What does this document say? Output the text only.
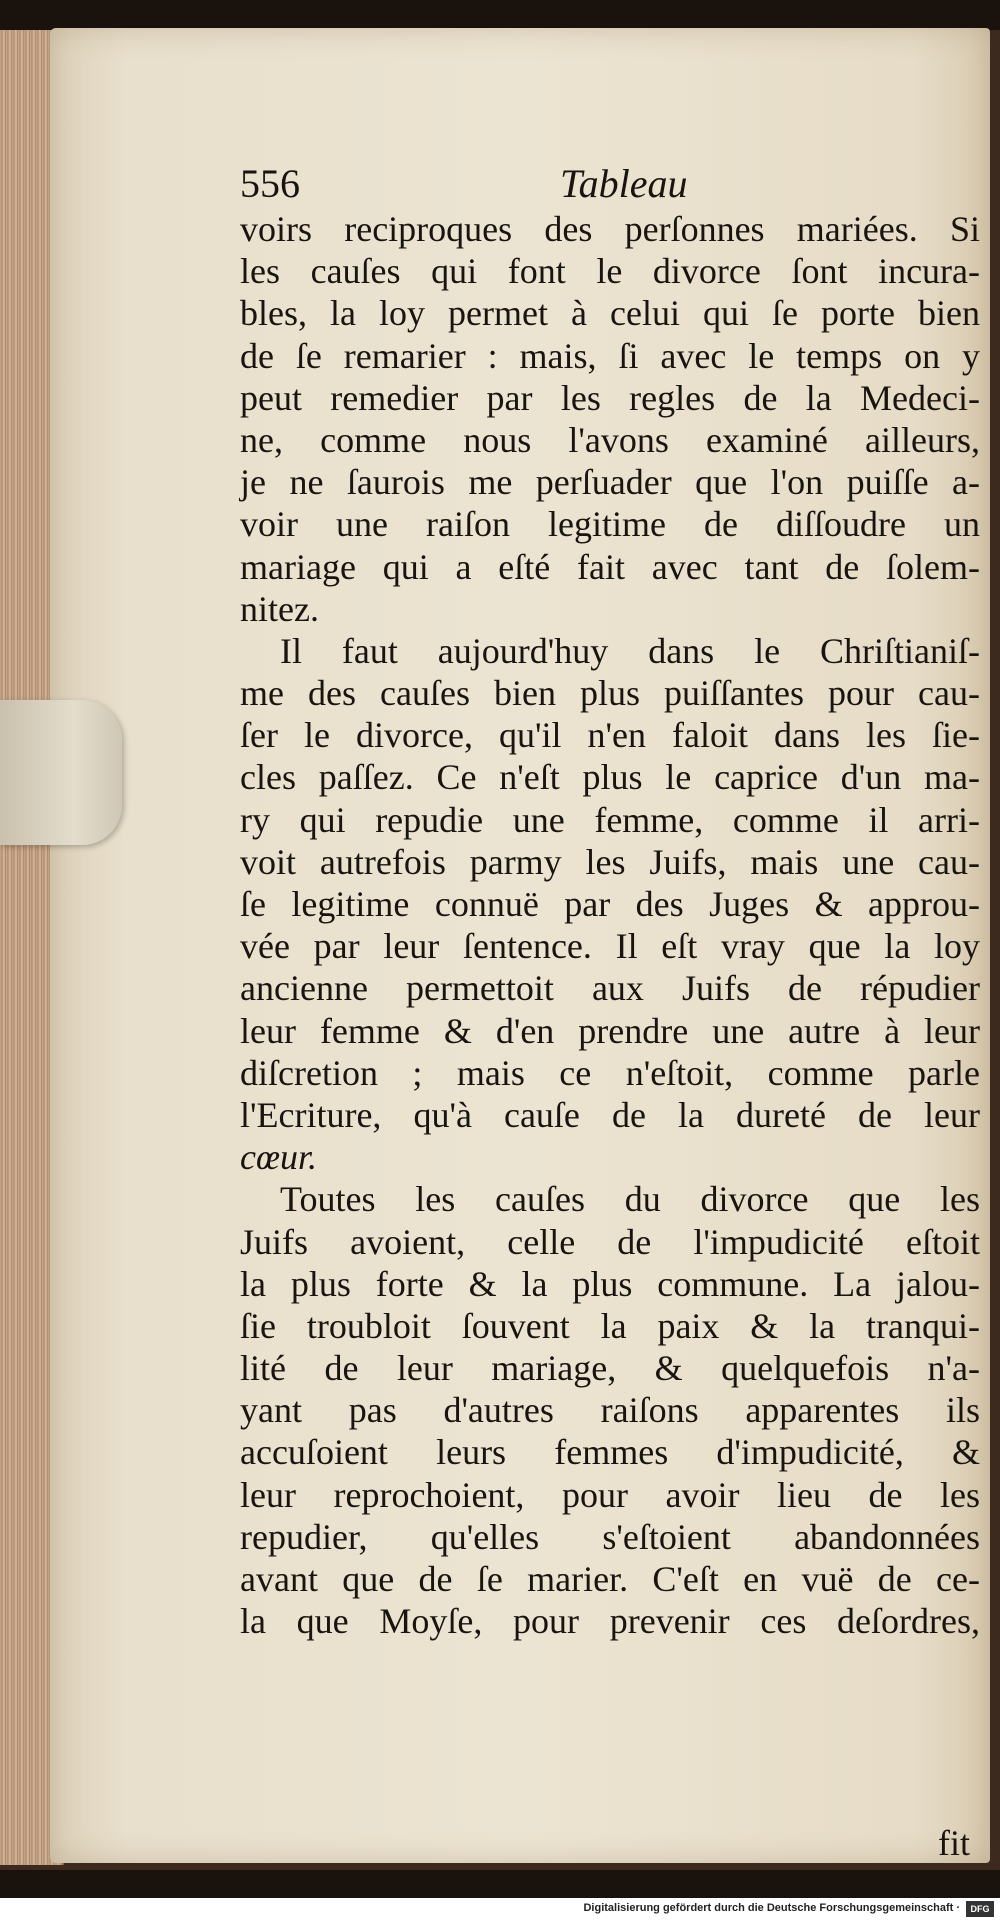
556	Tableau
voirs reciproques des perſonnes mariées. Si
les cauſes qui font le divorce ſont incura-
bles, la loy permet à celui qui ſe porte bien
de ſe remarier : mais, ſi avec le temps on y
peut remedier par les regles de la Medeci-
ne, comme nous l'avons examiné ailleurs,
je ne ſaurois me perſuader que l'on puiſſe a-
voir une raiſon legitime de diſſoudre un
mariage qui a eſté fait avec tant de ſolem-
nitez.
Il faut aujourd'huy dans le Chriſtianiſ-
me des cauſes bien plus puiſſantes pour cau-
ſer le divorce, qu'il n'en faloit dans les ſie-
cles paſſez. Ce n'eſt plus le caprice d'un ma-
ry qui repudie une femme, comme il arri-
voit autrefois parmy les Juifs, mais une cau-
ſe legitime connuë par des Juges & approu-
vée par leur ſentence. Il eſt vray que la loy
ancienne permettoit aux Juifs de répudier
leur femme & d'en prendre une autre à leur
diſcretion ; mais ce n'eſtoit, comme parle
l'Ecriture, qu'à cauſe de la dureté de leur
cœur.
Toutes les cauſes du divorce que les
Juifs avoient, celle de l'impudicité eſtoit
la plus forte & la plus commune. La jalou-
ſie troubloit ſouvent la paix & la tranqui-
lité de leur mariage, & quelquefois n'a-
yant pas d'autres raiſons apparentes ils
accuſoient leurs femmes d'impudicité, &
leur reprochoient, pour avoir lieu de les
repudier, qu'elles s'eſtoient abandonnées
avant que de ſe marier. C'eſt en vuë de ce-
la que Moyſe, pour prevenir ces deſordres,
fit
Digitalisierung gefördert durch die Deutsche Forschungsgemeinschaft ·	DFG
